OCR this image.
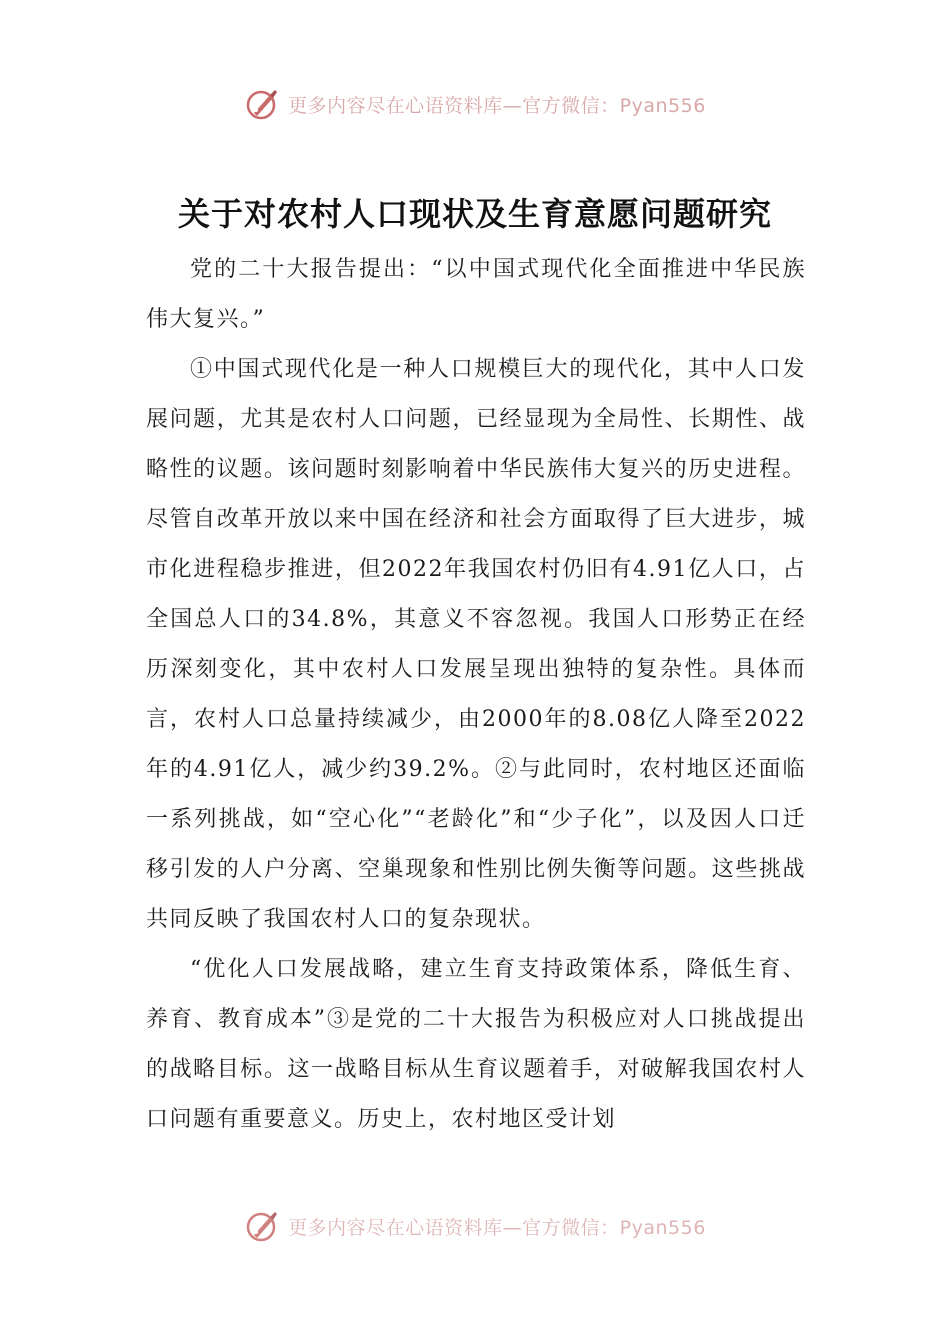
更多内容尽在心语资料库—官方微信：Pyan556
关于对农村人口现状及生育意愿问题研究

党的二十大报告提出：“以中国式现代化全面推进中华民族伟大复兴。”

①中国式现代化是一种人口规模巨大的现代化，其中人口发展问题，尤其是农村人口问题，已经显现为全局性、长期性、战略性的议题。该问题时刻影响着中华民族伟大复兴的历史进程。尽管自改革开放以来中国在经济和社会方面取得了巨大进步，城市化进程稳步推进，但2022年我国农村仍旧有4.91亿人口，占全国总人口的34.8%，其意义不容忽视。我国人口形势正在经历深刻变化，其中农村人口发展呈现出独特的复杂性。具体而言，农村人口总量持续减少，由2000年的8.08亿人降至2022年的4.91亿人，减少约39.2%。②与此同时，农村地区还面临一系列挑战，如“空心化”“老龄化”和“少子化”，以及因人口迁移引发的人户分离、空巢现象和性别比例失衡等问题。这些挑战共同反映了我国农村人口的复杂现状。

“优化人口发展战略，建立生育支持政策体系，降低生育、养育、教育成本”③是党的二十大报告为积极应对人口挑战提出的战略目标。这一战略目标从生育议题着手，对破解我国农村人口问题有重要意义。历史上，农村地区受计划

更多内容尽在心语资料库—官方微信：Pyan556
